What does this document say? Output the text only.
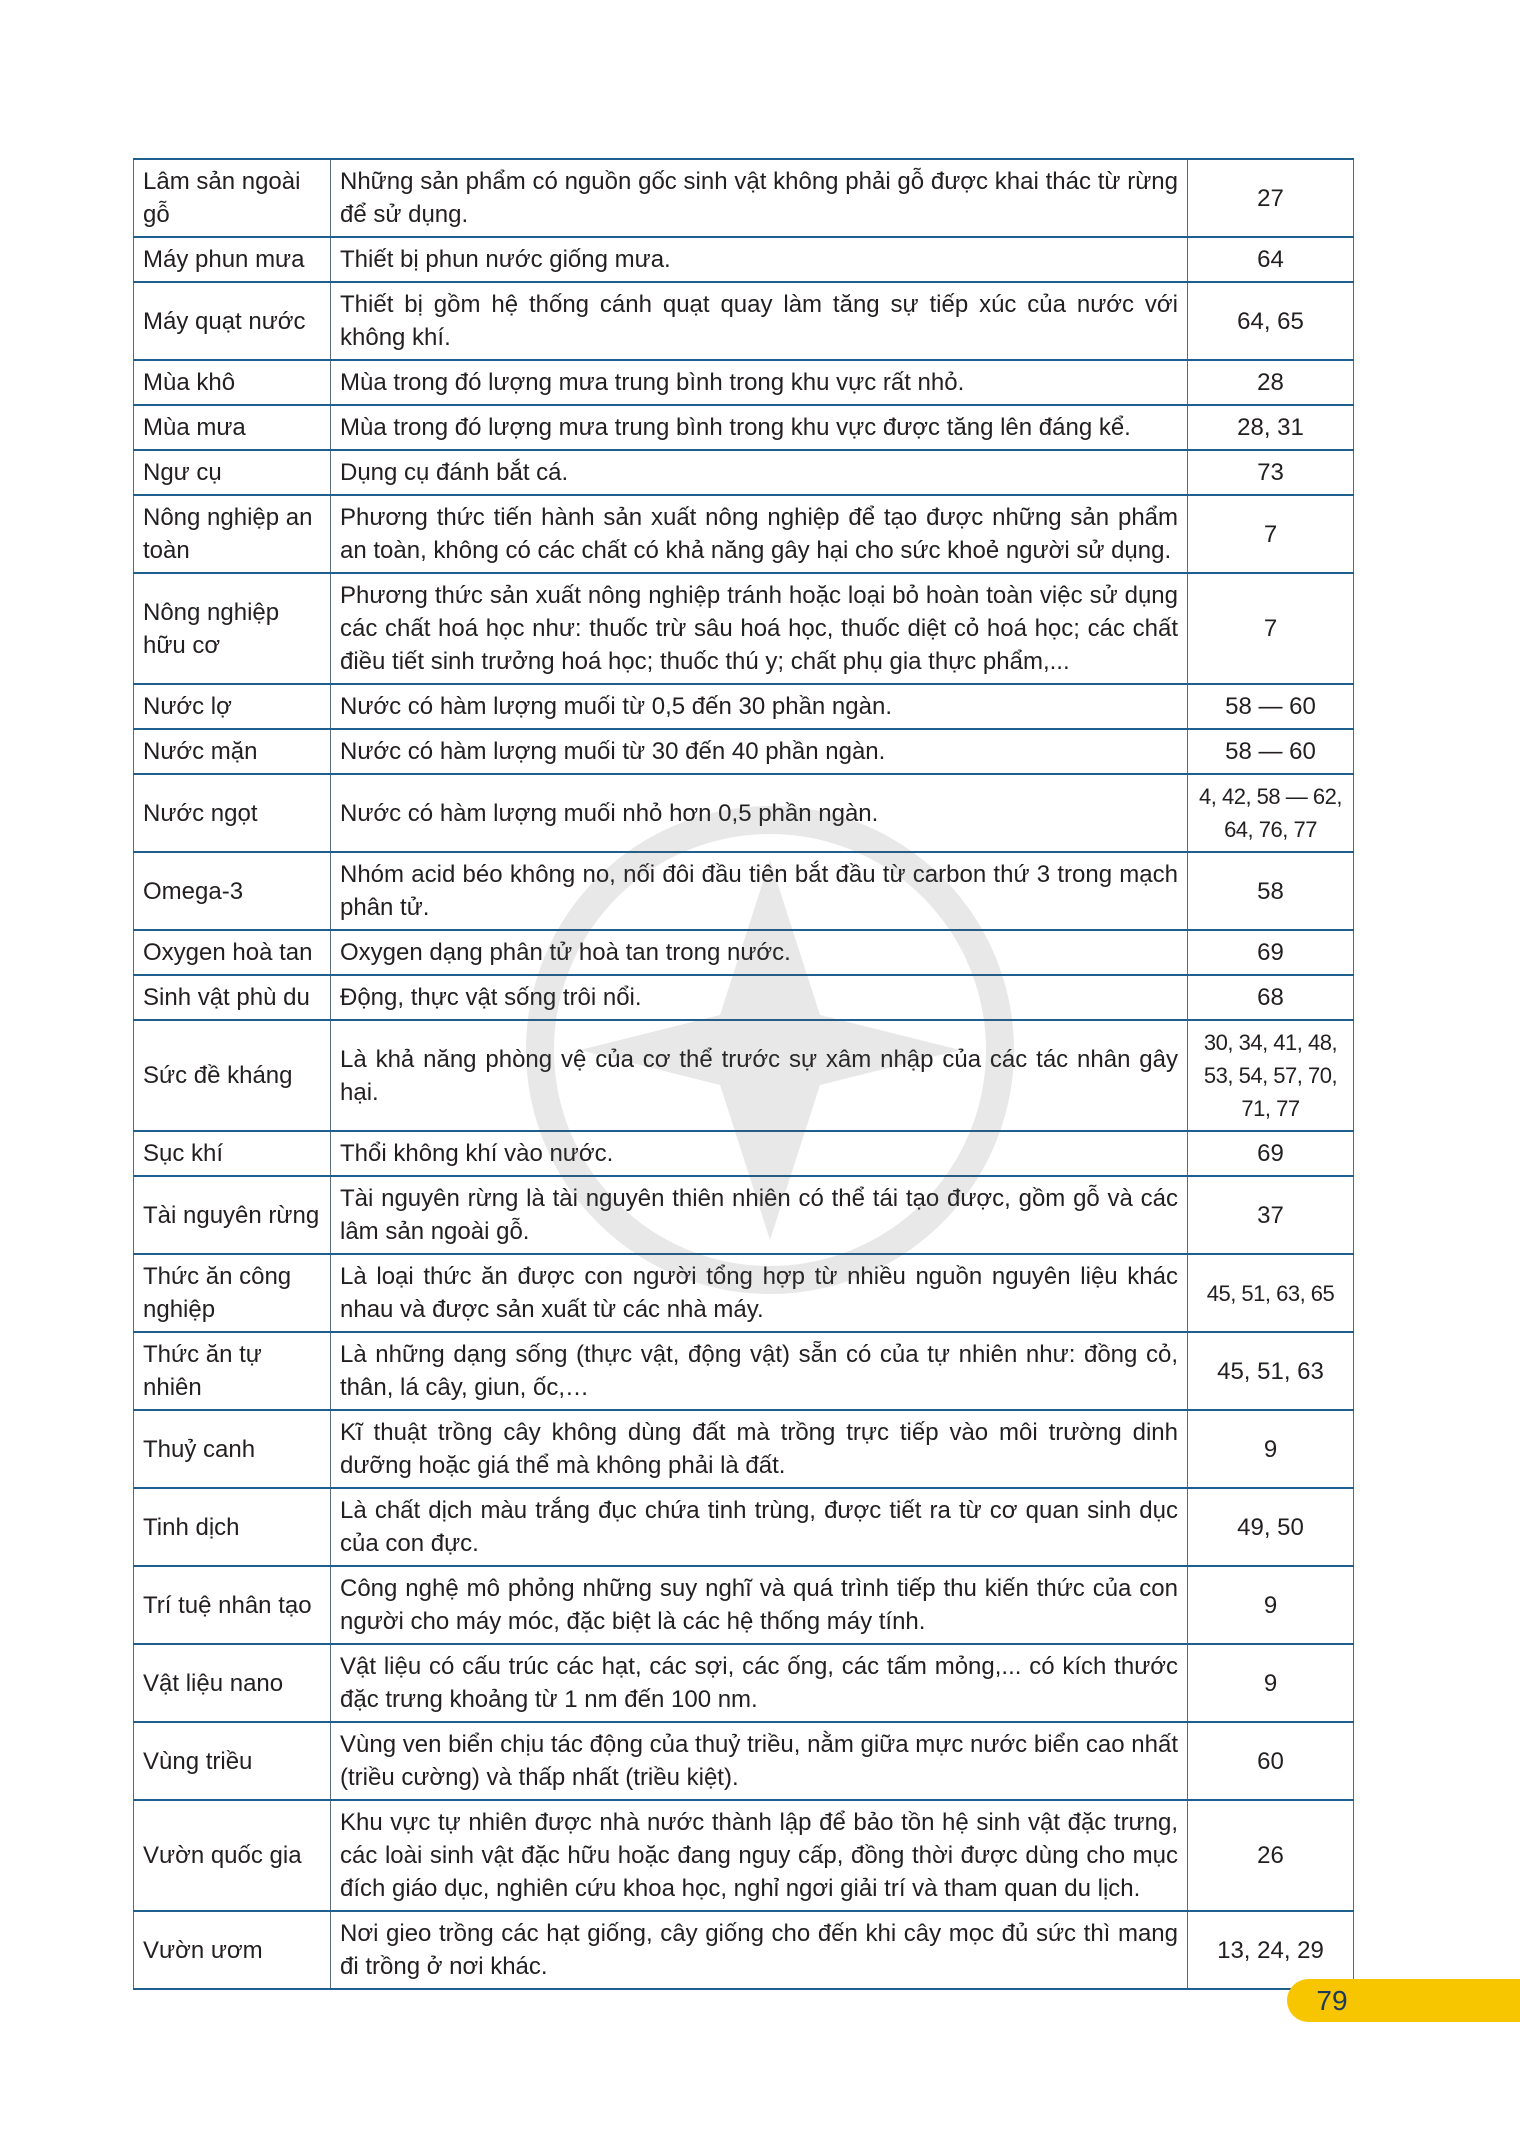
Lâm sản ngoài gỗ	Những sản phẩm có nguồn gốc sinh vật không phải gỗ được khai thác từ rừng để sử dụng.	27
Máy phun mưa	Thiết bị phun nước giống mưa.	64
Máy quạt nước	Thiết bị gồm hệ thống cánh quạt quay làm tăng sự tiếp xúc của nước với không khí.	64, 65
Mùa khô	Mùa trong đó lượng mưa trung bình trong khu vực rất nhỏ.	28
Mùa mưa	Mùa trong đó lượng mưa trung bình trong khu vực được tăng lên đáng kể.	28, 31
Ngư cụ	Dụng cụ đánh bắt cá.	73
Nông nghiệp an toàn	Phương thức tiến hành sản xuất nông nghiệp để tạo được những sản phẩm an toàn, không có các chất có khả năng gây hại cho sức khoẻ người sử dụng.	7
Nông nghiệp hữu cơ	Phương thức sản xuất nông nghiệp tránh hoặc loại bỏ hoàn toàn việc sử dụng các chất hoá học như: thuốc trừ sâu hoá học, thuốc diệt cỏ hoá học; các chất điều tiết sinh trưởng hoá học; thuốc thú y; chất phụ gia thực phẩm,...	7
Nước lợ	Nước có hàm lượng muối từ 0,5 đến 30 phần ngàn.	58 — 60
Nước mặn	Nước có hàm lượng muối từ 30 đến 40 phần ngàn.	58 — 60
Nước ngọt	Nước có hàm lượng muối nhỏ hơn 0,5 phần ngàn.	4, 42, 58 — 62, 64, 76, 77
Omega-3	Nhóm acid béo không no, nối đôi đầu tiên bắt đầu từ carbon thứ 3 trong mạch phân tử.	58
Oxygen hoà tan	Oxygen dạng phân tử hoà tan trong nước.	69
Sinh vật phù du	Động, thực vật sống trôi nổi.	68
Sức đề kháng	Là khả năng phòng vệ của cơ thể trước sự xâm nhập của các tác nhân gây hại.	30, 34, 41, 48, 53, 54, 57, 70, 71, 77
Sục khí	Thổi không khí vào nước.	69
Tài nguyên rừng	Tài nguyên rừng là tài nguyên thiên nhiên có thể tái tạo được, gồm gỗ và các lâm sản ngoài gỗ.	37
Thức ăn công nghiệp	Là loại thức ăn được con người tổng hợp từ nhiều nguồn nguyên liệu khác nhau và được sản xuất từ các nhà máy.	45, 51, 63, 65
Thức ăn tự nhiên	Là những dạng sống (thực vật, động vật) sẵn có của tự nhiên như: đồng cỏ, thân, lá cây, giun, ốc,…	45, 51, 63
Thuỷ canh	Kĩ thuật trồng cây không dùng đất mà trồng trực tiếp vào môi trường dinh dưỡng hoặc giá thể mà không phải là đất.	9
Tinh dịch	Là chất dịch màu trắng đục chứa tinh trùng, được tiết ra từ cơ quan sinh dục của con đực.	49, 50
Trí tuệ nhân tạo	Công nghệ mô phỏng những suy nghĩ và quá trình tiếp thu kiến thức của con người cho máy móc, đặc biệt là các hệ thống máy tính.	9
Vật liệu nano	Vật liệu có cấu trúc các hạt, các sợi, các ống, các tấm mỏng,... có kích thước đặc trưng khoảng từ 1 nm đến 100 nm.	9
Vùng triều	Vùng ven biển chịu tác động của thuỷ triều, nằm giữa mực nước biển cao nhất (triều cường) và thấp nhất (triều kiệt).	60
Vườn quốc gia	Khu vực tự nhiên được nhà nước thành lập để bảo tồn hệ sinh vật đặc trưng, các loài sinh vật đặc hữu hoặc đang nguy cấp, đồng thời được dùng cho mục đích giáo dục, nghiên cứu khoa học, nghỉ ngơi giải trí và tham quan du lịch.	26
Vườn ươm	Nơi gieo trồng các hạt giống, cây giống cho đến khi cây mọc đủ sức thì mang đi trồng ở nơi khác.	13, 24, 29
79
